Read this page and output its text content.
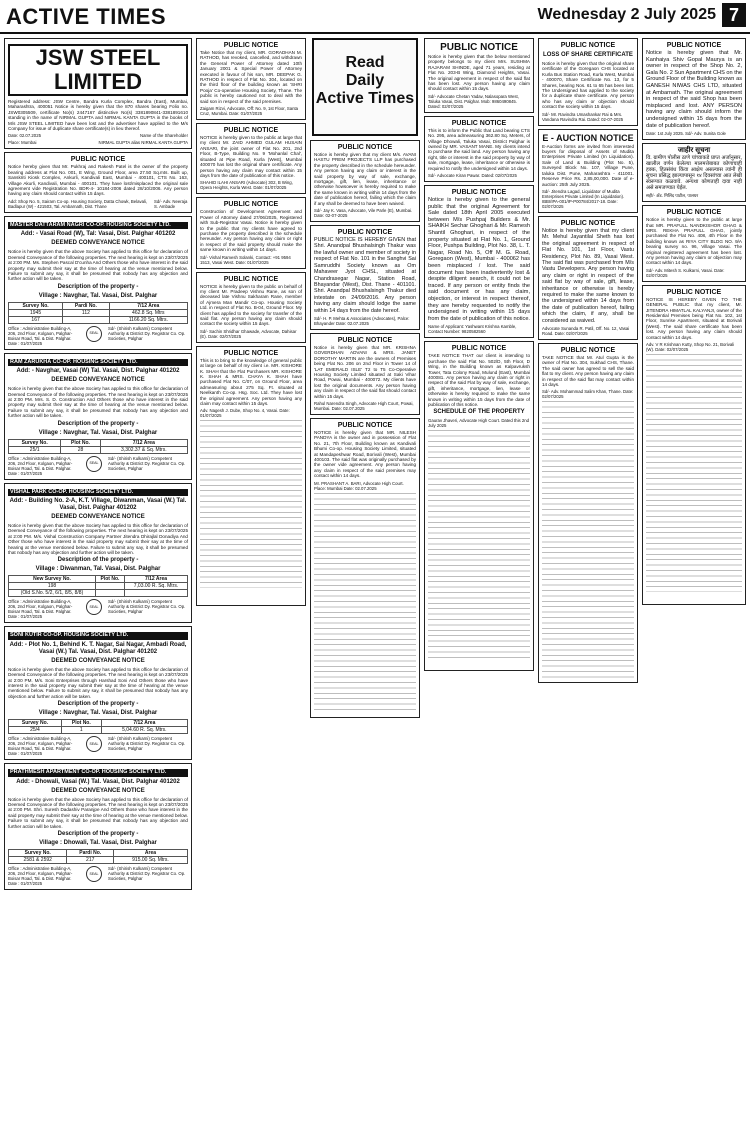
ACTIVE TIMES	Wednesday 2 July 2025 7
JSW STEEL LIMITED
Registered address: JSW Centre, Bandra Kurla Complex, Bandra (East), Mumbai, Maharashtra, 400051 Notice is hereby given that the 870 shares bearing Folio no. JSW0305509, certificate No(s) 2447167 distinctive No(s) 3381890841-3381891610 standing in the name of NIRMAL GUPTA and NIRMAL KANTA GUPTA in the books of M/s JSW STEEL LIMITED have been lost and the advertiser have applied to the M/s Company for issue of duplicate share certificate(s) in lieu thereof.
Date: 02.07.2025	Name of the Shareholder
Place: Mumbai	NIRMAL GUPTA alias NIRMAL KANTA GUPTA
PUBLIC NOTICE
Notice hereby given that Mr. Pukhraj and Rakesh Patel is the owner of the property bearing address at Flat No. 001, E Wing, Ground Floor, area 27.50 Sq.mts. Built up, Sanskriti Kiosk Complex, Ankurli, Kandivali East, Mumbai - 400101, CTS No. 163, Village Akurli, Kandivali, Mumbai - 400101. They have lost/misplaced the original sale agreement vide Registration No. BDR-4- 10184-2006 dated 28/10/2006. Any person having any claim should contact within 15 days.
Add: Shop No. 5, Sairam Co-op. Housing Society, Datta Chowk, Belavali, Badlapur (W) - 421503, Tal. Ambarnath, Dist. Thane
Sd/- Adv. Neeraja S. Ambade
MASTER DATTARAM NAGRI CO-OP. HOUSING SOCIETY LTD.
Add: - Vasai Road (W), Tal: Vasai, Dist. Palghar 401202
DEEMED CONVEYANCE NOTICE
Notice is hereby given that the above Society has applied to this office for declaration of Deemed Conveyance of the following properties. The next hearing is kept on 23/07/2025 at 2:00 PM. Ms. Stephen Pascal D'cunha And Others those who have interest in the said property may submit their say at the time of hearing at the venue mentioned below. Failure to submit any say, it shall be presumed that nobody has any objection and further action will be taken.
Description of the property -
Village : Navghar, Tal. Vasai, Dist. Palghar
Survey No.	Pardi No.	7/12 Area
1945	112	462.8 Sq. Mtrs
167		1166.20 Sq. Mtrs.
Office : Administrative Building-A, 206, 2nd Floor, Kolgaon, Palghar-Boisar Road, Tal. & Dist. Palghar. Date : 01/07/2025
SEAL
Sd/- (Shirish Kulkarni) Competent Authority & District Dy. Registrar Co. Op. Societies, Palghar
RAM ZARUKHA CO-OP. HOUSING SOCIETY LTD.
Add: - Navghar, Vasai (W) Tal. Vasai, Dist. Palghar 401202
DEEMED CONVEYANCE NOTICE
Notice is hereby given that the above Society has applied to this office for declaration of Deemed Conveyance of the following properties. The next hearing is kept on 23/07/2025 at 2:00 PM. Mrs. S. D. Construction And Others those who have interest in the said property may submit their say at the time of hearing at the venue mentioned below. Failure to submit any say, it shall be presumed that nobody has any objection and further action will be taken.
Description of the property -
Village : Navghar, Tal. Vasai, Dist. Palghar
Survey No.	Plot No.	7/12 Area
25/1	28	3,302.37 & Sq. Mtrs.
Office : Administrative Building-A, 206, 2nd Floor, Kolgaon, Palghar-Boisar Road, Tal. & Dist. Palghar. Date : 01/07/2025
SEAL
Sd/- (Shirish Kulkarni) Competent Authority & District Dy. Registrar Co. Op. Societies, Palghar
VISHAL PARK CO-OP. HOUSING SOCIETY LTD.
Add: - Building No. 2-A, K.T. Village, Diwanman, Vasai (W.) Tal. Vasai, Dist. Palghar 401202
DEEMED CONVEYANCE NOTICE
Notice is hereby given that the above Society has applied to this office for declaration of Deemed Conveyance of the following properties. The next hearing is kept on 23/07/2025 at 2:00 PM. M/s. Vishal Construction Company Partner Jitendra Dhirajlal Donadiya And Other those who have interest in the said property may submit their say at the time of hearing at the venue mentioned below. Failure to submit any say, it shall be presumed that nobody has any objection and further action will be taken.
Description of the property -
Village : Diwanman, Tal. Vasai, Dist. Palghar
New Survey No.	Plot No.	7/12 Area
198		7,03.00 R. Sq. Mtrs.
(Old S.No. 5/2, 6/1, 8/5, 8/8)		
Office : Administrative Building-A, 206, 2nd Floor, Kolgaon, Palghar-Boisar Road, Tal. & Dist. Palghar. Date : 01/07/2025
SEAL
Sd/- (Shirish Kulkarni) Competent Authority & District Dy. Registrar Co. Op. Societies, Palghar
SONI KUTIR CO-OP. HOUSING SOCIETY LTD.
Add: - Plot No. 1, Behind K. T. Nagar, Sai Nagar, Ambadi Road, Vasai (W.) Tal. Vasai, Dist. Palghar 401202
DEEMED CONVEYANCE NOTICE
Notice is hereby given that the above Society has applied to this office for declaration of Deemed Conveyance of the following properties. The next hearing is kept on 23/07/2025 at 2:00 PM. M/s. Soni Enterprises through Harshad Soni And Others those who have interest in the said property may submit their say at the time of hearing at the venue mentioned below. Failure to submit any say, it shall be presumed that nobody has any objection and further action will be taken.
Description of the property -
Village : Navghar, Tal. Vasai, Dist. Palghar
Survey No.	Plot No.	7/12 Area
25/4	1	5,04.60 R. Sq. Mtrs.
Office : Administrative Building-A, 206, 2nd Floor, Kolgaon, Palghar-Boisar Road, Tal. & Dist. Palghar. Date : 01/07/2025
SEAL
Sd/- (Shirish Kulkarni) Competent Authority & District Dy. Registrar Co. Op. Societies, Palghar
PRATHMESH APARTMENT CO-OP. HOUSING SOCIETY LTD.
Add: - Dhowali, Vasai (W.) Tal. Vasai, Dist. Palghar 401202
DEEMED CONVEYANCE NOTICE
Notice is hereby given that the above Society has applied to this office for declaration of Deemed Conveyance of the following properties. The next hearing is kept on 23/07/2025 at 2:00 PM. Shri. Suresh Dadashiv Paranjpe And Others those who have interest in the said property may submit their say at the time of hearing at the venue mentioned below. Failure to submit any say, it shall be presumed that nobody has any objection and further action will be taken.
Description of the property -
Village : Dhowali, Tal. Vasai, Dist. Palghar
Survey No.	Pardi No.	Area
2581 & 2592	217	915.00 Sq. Mtrs.
Office : Administrative Building-A, 206, 2nd Floor, Kolgaon, Palghar-Boisar Road, Tal. & Dist. Palghar. Date : 01/07/2025
SEAL
Sd/- (Shirish Kulkarni) Competent Authority & District Dy. Registrar Co. Op. Societies, Palghar
PUBLIC NOTICE
Take Notice that my client, MR. GORADHAN M. RATHOD, has revoked, cancelled, and withdrawn the General Power of Attorney dated 10th January 2001 & Special Power of Attorney executed in favour of his son, MR. DEEPAK G. RATHOD in respect of Flat No. 304, located on the third floor of the building known as 'SHRI Pooja' Co-operative Housing Society, Thane. The public is hereby cautioned not to deal with the said son in respect of the said premises.
Zaigam Rizvi, Advocate, Off: No. 9, 1st Floor, Santa Cruz, Mumbai. Date: 01/07/2025
PUBLIC NOTICE
NOTICE is hereby given to the public at large that my client Mr. ZAID AHMED GULAM HUSAIN ANSARI, the joint owner of Flat No. 201, 2nd Floor, B-Type, Building No. 9 'Mohanlal Chal', situated at Pipe Road, Kurla (West), Mumbai 400070 has lost the original share certificate. Any person having any claim may contact within 15 days from the date of publication of this notice.
SHAHID ILAHI ANSARI (Advocate) 302, B Wing, Opera Heights, Kurla West. Date: 01/07/2025
PUBLIC NOTICE
Construction of Development Agreement and Power of Attorney dated 27/06/2025, Registered with Sub-Registrar Vasai. Notice is hereby given to the public that my clients have agreed to purchase the property described in the schedule hereunder. Any person having any claim or right in respect of the said property should make the same known in writing within 14 days.
Sd/- Vishal Ramesh Solanki, Contact: +91 9594 1513, Vasai West. Date: 01/07/2025
PUBLIC NOTICE
NOTICE is hereby given to the public on behalf of my client Mr. Pradeep Vishnu Rane, as son of deceased late Vishnu Sakharam Rane, member of Ajmera Man Mandir Co-op. Housing Society Ltd. in respect of Flat No. B-04, Ground Floor. My client has applied to the society for transfer of the said flat. Any person having any claim should contact the society within 15 days.
Sd/- Sachin Shridhar Ghawade, Advocate, Dahisar (E). Date: 02/07/2025
PUBLIC NOTICE
This is to bring to the knowledge of general public at large on behalf of my client i.e. MR. KISHORE K. SHAH that the Flat Purchasers MR. KISHORE K. SHAH & MRS. CHAYA K. SHAH have purchased Flat No. C/07, on Ground Floor, area admeasuring about 275 Sq. Ft. situated at Neelkanth Co-op. Hsg. Soc. Ltd. They have lost the original agreement. Any person having any claim may contact within 15 days.
Adv. Nagesh J. Dube, Shop No. 4, Vasai. Date: 01/07/2025
Read
Daily
Active Times
PUBLIC NOTICE
Notice is hereby given that my client M/s. AVANI HASTU PREM PROJECTS LLP has purchased the property described in the schedule hereunder. Any person having any claim or interest in the said property by way of sale, exchange, mortgage, gift, lien, lease, inheritance or otherwise howsoever is hereby required to make the same known in writing within 14 days from the date of publication hereof, failing which the claim if any shall be deemed to have been waived.
Sd/- Jay K. Vasa, Advocate, Vile Parle (E), Mumbai. Date: 02-07-2025
PUBLIC NOTICE
PUBLIC NOTICE IS HEREBY GIVEN that Shri. Anandpal Bhushalsingh Thakur was the lawful owner and member of society in respect of Flat No. 101 in the Sanghvi Sai Samruddhi Society known as Om Mahaveer Jyot CHSL, situated at Chandrasegar Nagar, Station Road, Bhayandar (West), Dist. Thane - 401101. Shri. Anandpal Bhushalsingh Thakur died intestate on 24/09/2016. Any person having any claim should lodge the same within 14 days from the date hereof.
Sd/- H. P. Mehta & Associates (Advocates), Palce: Bhayander Date: 02.07.2025
PUBLIC NOTICE
Notice is hereby given that MR. KRISHNA GOVERDHAN ADVANI & MRS. JANET DOROTHY MARTIN are the owners of Premises being Flat No. 206 on 2nd Floor in Tower 14 of 'LAT EMERALD ISLE' T2 to T5 Co-Operative Housing Society Limited situated at Saki Vihar Road, Powai, Mumbai - 400072. My clients have lost the original documents. Any person having any claim in respect of the said flat should contact within 15 days.
Rahul Narendra Singh, Advocate High Court, Powai, Mumbai. Date: 02.07.2025
PUBLIC NOTICE
NOTICE is hereby given that MR. NILESH PANDYA is the owner and in possession of Flat No. 21, 7th Floor, Building known as Kandivali Bhumi Co-op. Housing Society Limited, situated at Mandapeshwar Road, Borivali (West), Mumbai 400103. The said flat was originally purchased by the owner vide agreement. Any person having any claim in respect of the said premises may contact within 14 days.
Mr. PRASHANT A. BARI, Advocate High Court. Place: Mumbai Date: 02.07.2025
PUBLIC NOTICE
Notice is hereby given that the below mentioned property belongs to my client Mrs. SUSHMA RAJARAM SHINDE, aged 71 years, residing at Flat No. 203-B Wing, Diamond Heights, Vasai. The original agreement in respect of the said flat has been lost. Any person having any claim should contact within 15 days.
Sd/- Advocate Chetan Yadav, Nalasopara West, Taluka Vasai, Dist. Palghar. Mob: 9860490845. Dated: 02/07/2025
PUBLIC NOTICE
This is to inform the Public that Land bearing CTS No. 295, area admeasuring 362.80 Sq. Meters, of Village Dhowali, Taluka Vasai, District Palghar is owned by MR. VASANT MANE. My clients intend to purchase the said land. Any person having any right, title or interest in the said property by way of sale, mortgage, lease, inheritance or otherwise is required to notify the undersigned within 14 days.
Sd/- Advocate Kiran Pawar. Dated: 02/07/2025
PUBLIC NOTICE
Notice is hereby given to the general public that the original Agreement for Sale dated 18th April 2005 executed between M/s Pushpaj Builders & Mr. SHAIKH Sechar Ghoghari & Mr. Ramesh Shantil Ghoghari, in respect of the property situated at Flat No. 1, Ground Floor, Pushpa Building, Plot No. 38, L. T. Nagar, Road No. 5, Off M. G. Road, Goregaon (West), Mumbai - 400062 has been misplaced / lost. The said document has been inadvertently lost & despite diligent search, it could not be traced. If any person or entity finds the said document or has any claim, objection, or interest in respect thereof, they are hereby requested to notify the undersigned in writing within 15 days from the date of publication of this notice.
Name of Applicant: Yashwant Krishna Kamble, Contact Number: 9820582560
PUBLIC NOTICE
TAKE NOTICE THAT our client is intending to purchase the said Flat No. 502/D, 5th Floor, D Wing, in the Building known as Kalpavruksh Tower, Tata Colony Road, Mulund (East), Mumbai 400081. Any person having any claim or right in respect of the said Flat by way of sale, exchange, gift, inheritance, mortgage, lien, lease or otherwise is hereby required to make the same known in writing within 15 days from the date of publication of this notice.
SCHEDULE OF THE PROPERTY
Gaurav Jhaveri, Advocate High Court. Dated this 2nd July 2025
PUBLIC NOTICE
LOSS OF SHARE CERTIFICATE
Notice is hereby given that the original share certificate of the Goregaon CHS located at Kurla Bus Station Road, Kurla West, Mumbai - 400070, Share Certificate No. 13, for 5 Shares, bearing Nos. 61 to 65 has been lost. The Undersigned has applied to the society for a duplicate share certificate. Any person who has any claim or objection should contact the society within 15 days.
Sd/- Mr. Ravindra Umashankar Rai & Mrs. Vandana Ravindra Rai. Dated: 02-07-2025
E - AUCTION NOTICE
E-Auction forms are invited from interested buyers for disposal of Assets of Mudita Enterprises Private Limited (In Liquidation). Sale of Land & Building (Plot No. 5), Surveyed Block No. 107, Village Pune, taluka Dist. Pune, Maharashtra - 411001. Reserve Price Rs. 2,85,00,000. Date of e-auction: 25th July 2025.
Sd/- Jitendra Lagad, Liquidator of Mudita Enterprises Private Limited (In Liquidation). IBBI/IPA-001/IP-P00784/2017-18. Date: 02/07/2025
PUBLIC NOTICE
Notice is hereby given that my client Mr. Mehul Jayantilal Sheth has lost the original agreement in respect of Flat No. 101, 1st Floor, Vastu Residency, Plot No. 89, Vasai West. The said flat was purchased from M/s Vastu Developers. Any person having any claim or right in respect of the said flat by way of sale, gift, lease, inheritance or otherwise is hereby required to make the same known to the undersigned within 14 days from the date of publication hereof, failing which the claim, if any, shall be considered as waived.
Advocate Sunanda R. Patil, Off. No. 12, Vasai Road. Date: 02/07/2025
PUBLIC NOTICE
TAKE NOTICE that Mr. Atul Gupta is the owner of Flat No. 304, Sukhad CHS, Thane. The said owner has agreed to sell the said flat to my client. Any person having any claim in respect of the said flat may contact within 14 days.
Sd/- Adv. Mohammad Salim Khan, Thane. Date: 02/07/2025
PUBLIC NOTICE
Notice is hereby given that Mr. Kanhaiya Shiv Gopal Maurya is an owner in respect of the Shop No. 2, Gala No. 2 Sun Apartment CHS on the Ground Floor of the Building known as GANESH NIWAS CHS LTD, situated at Ambarnath. The original agreement in respect of the said Shop has been misplaced and lost. ANY PERSON having any claim should inform the undersigned within 15 days from the date of publication hereof.
Date: 1st July 2025. Sd/- Adv. Sunita Gole
जाहीर सूचना
वि. ग्रामीण पोलीस ठाणे यांच्याकडे प्राप्त अर्जानुसार, खालील वर्णन केलेल्या मालमत्तेबाबत कोणाचाही हक्क, हितसंबंध किंवा आक्षेप असल्यास त्यांनी ही सूचना प्रसिद्ध झाल्यापासून १४ दिवसांच्या आत लेखी स्वरूपात कळवावे. अन्यथा कोणताही दावा नाही असे समजण्यात येईल.
सही/- ॲड. मिलिंद पाटील, पालघर
PUBLIC NOTICE
Notice is hereby given to the public at large that MR. PRAFULL NANDKISHOR GHAG & MRS. REKHA PRAFULL GHAG, jointly purchased the Flat No. 408, 4th Floor in the building known as RIYA CITY BLDG NO. 9/A bearing survey no. 96, Village Vasai. The original registered agreement has been lost. Any person having any claim or objection may contact within 14 days.
Sd/- Adv. Mitesh S. Kulkarni, Vasai. Date: 02/07/2025
PUBLIC NOTICE
NOTICE IS HEREBY GIVEN TO THE GENERAL PUBLIC that my client, Mr. JITENDRA HIMATLAL KALYANJI, owner of the Residential Premises being Flat No. 102, 1st Floor, Sunrise Apartment, situated at Borivali (West). The said share certificate has been lost. Any person having any claim should contact within 14 days.
Adv. V R Krishnan Kutty, Shop No. 21, Borivali (W). Date: 02/07/2025
